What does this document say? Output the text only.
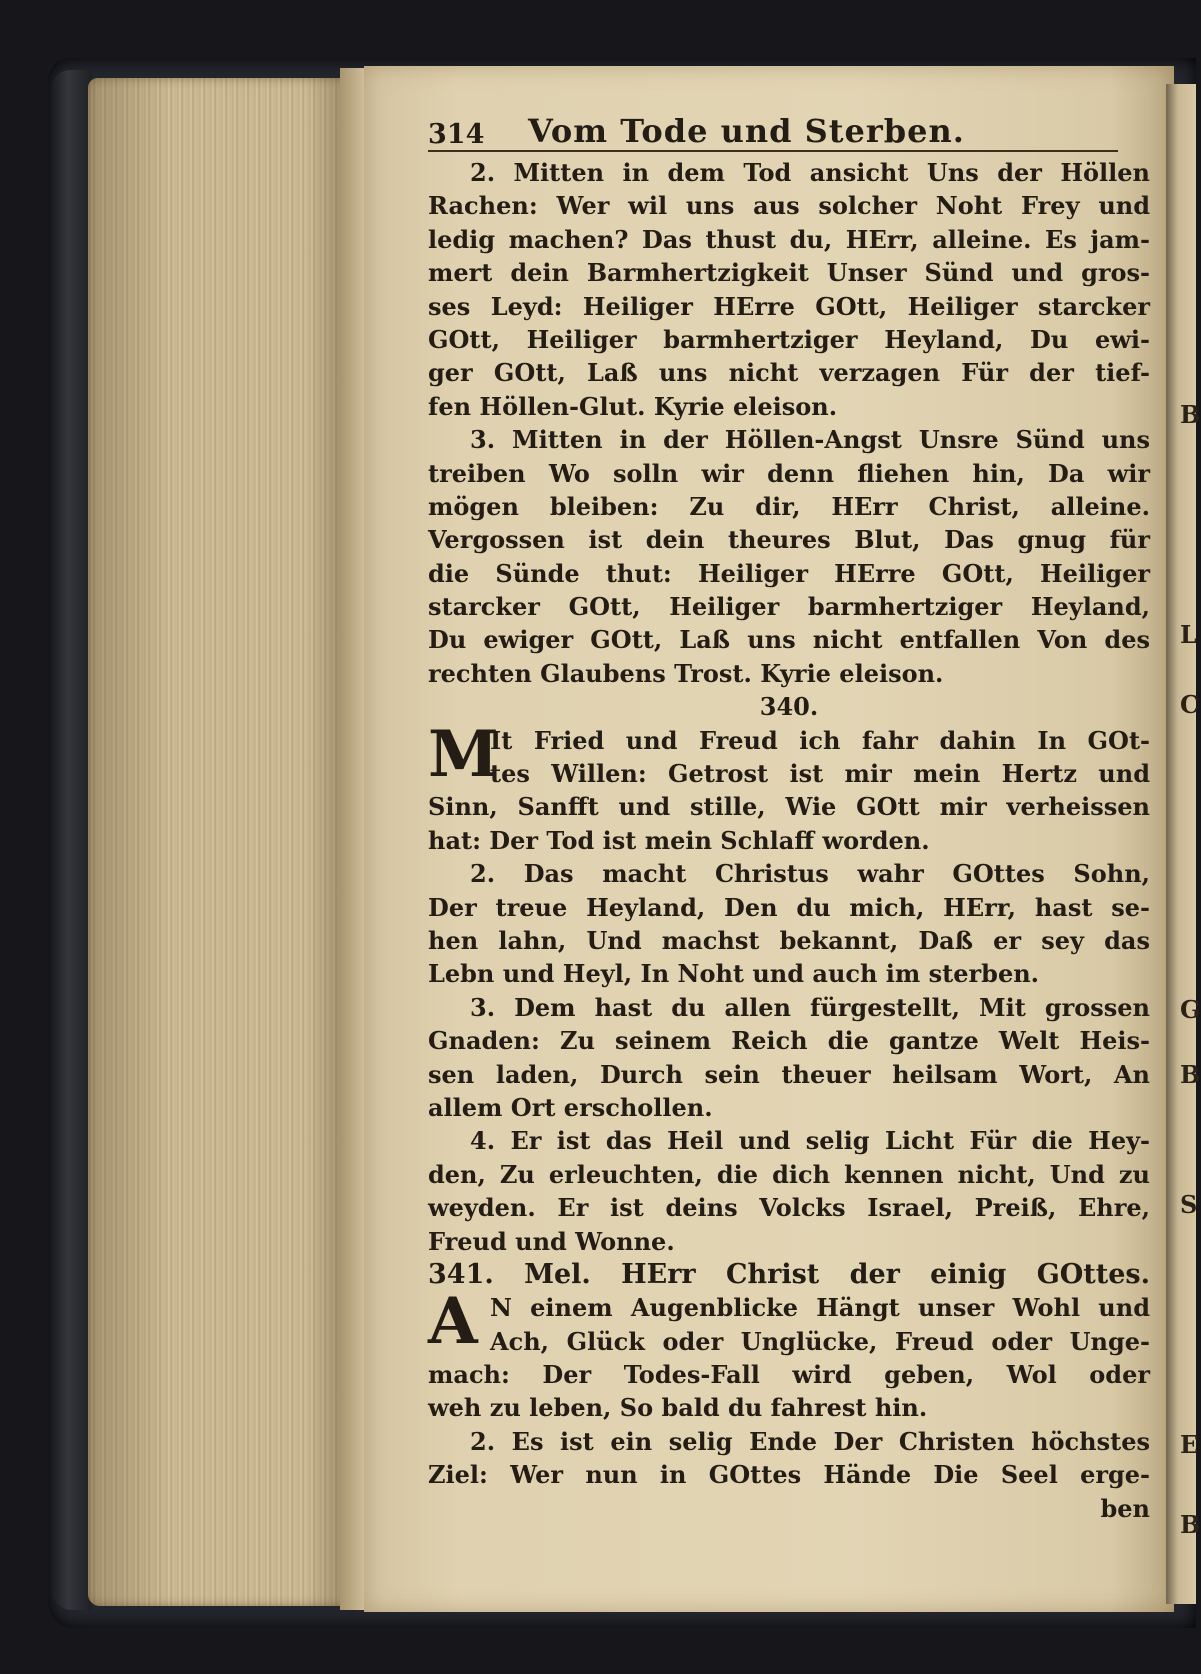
B
L
C
G
B
S
E
B
314	Vom Tode und Sterben.
2. Mitten in dem Tod ansicht Uns der Höllen
Rachen: Wer wil uns aus solcher Noht Frey und
ledig machen? Das thust du, HErr, alleine. Es jam-
mert dein Barmhertzigkeit Unser Sünd und gros-
ses Leyd: Heiliger HErre GOtt, Heiliger starcker
GOtt, Heiliger barmhertziger Heyland, Du ewi-
ger GOtt, Laß uns nicht verzagen Für der tief-
fen Höllen-Glut. Kyrie eleison.
3. Mitten in der Höllen-Angst Unsre Sünd uns
treiben Wo solln wir denn fliehen hin, Da wir
mögen bleiben: Zu dir, HErr Christ, alleine.
Vergossen ist dein theures Blut, Das gnug für
die Sünde thut: Heiliger HErre GOtt, Heiliger
starcker GOtt, Heiliger barmhertziger Heyland,
Du ewiger GOtt, Laß uns nicht entfallen Von des
rechten Glaubens Trost. Kyrie eleison.
340.
M
It Fried und Freud ich fahr dahin In GOt-
tes Willen: Getrost ist mir mein Hertz und
Sinn, Sanfft und stille, Wie GOtt mir verheissen
hat: Der Tod ist mein Schlaff worden.
2. Das macht Christus wahr GOttes Sohn,
Der treue Heyland, Den du mich, HErr, hast se-
hen lahn, Und machst bekannt, Daß er sey das
Lebn und Heyl, In Noht und auch im sterben.
3. Dem hast du allen fürgestellt, Mit grossen
Gnaden: Zu seinem Reich die gantze Welt Heis-
sen laden, Durch sein theuer heilsam Wort, An
allem Ort erschollen.
4. Er ist das Heil und selig Licht Für die Hey-
den, Zu erleuchten, die dich kennen nicht, Und zu
weyden. Er ist deins Volcks Israel, Preiß, Ehre,
Freud und Wonne.
341. Mel. HErr Christ der einig GOttes.
A N einem Augenblicke Hängt unser Wohl und
Ach, Glück oder Unglücke, Freud oder Unge-
mach: Der Todes-Fall wird geben, Wol oder
weh zu leben, So bald du fahrest hin.
2. Es ist ein selig Ende Der Christen höchstes
Ziel: Wer nun in GOttes Hände Die Seel erge-
ben
